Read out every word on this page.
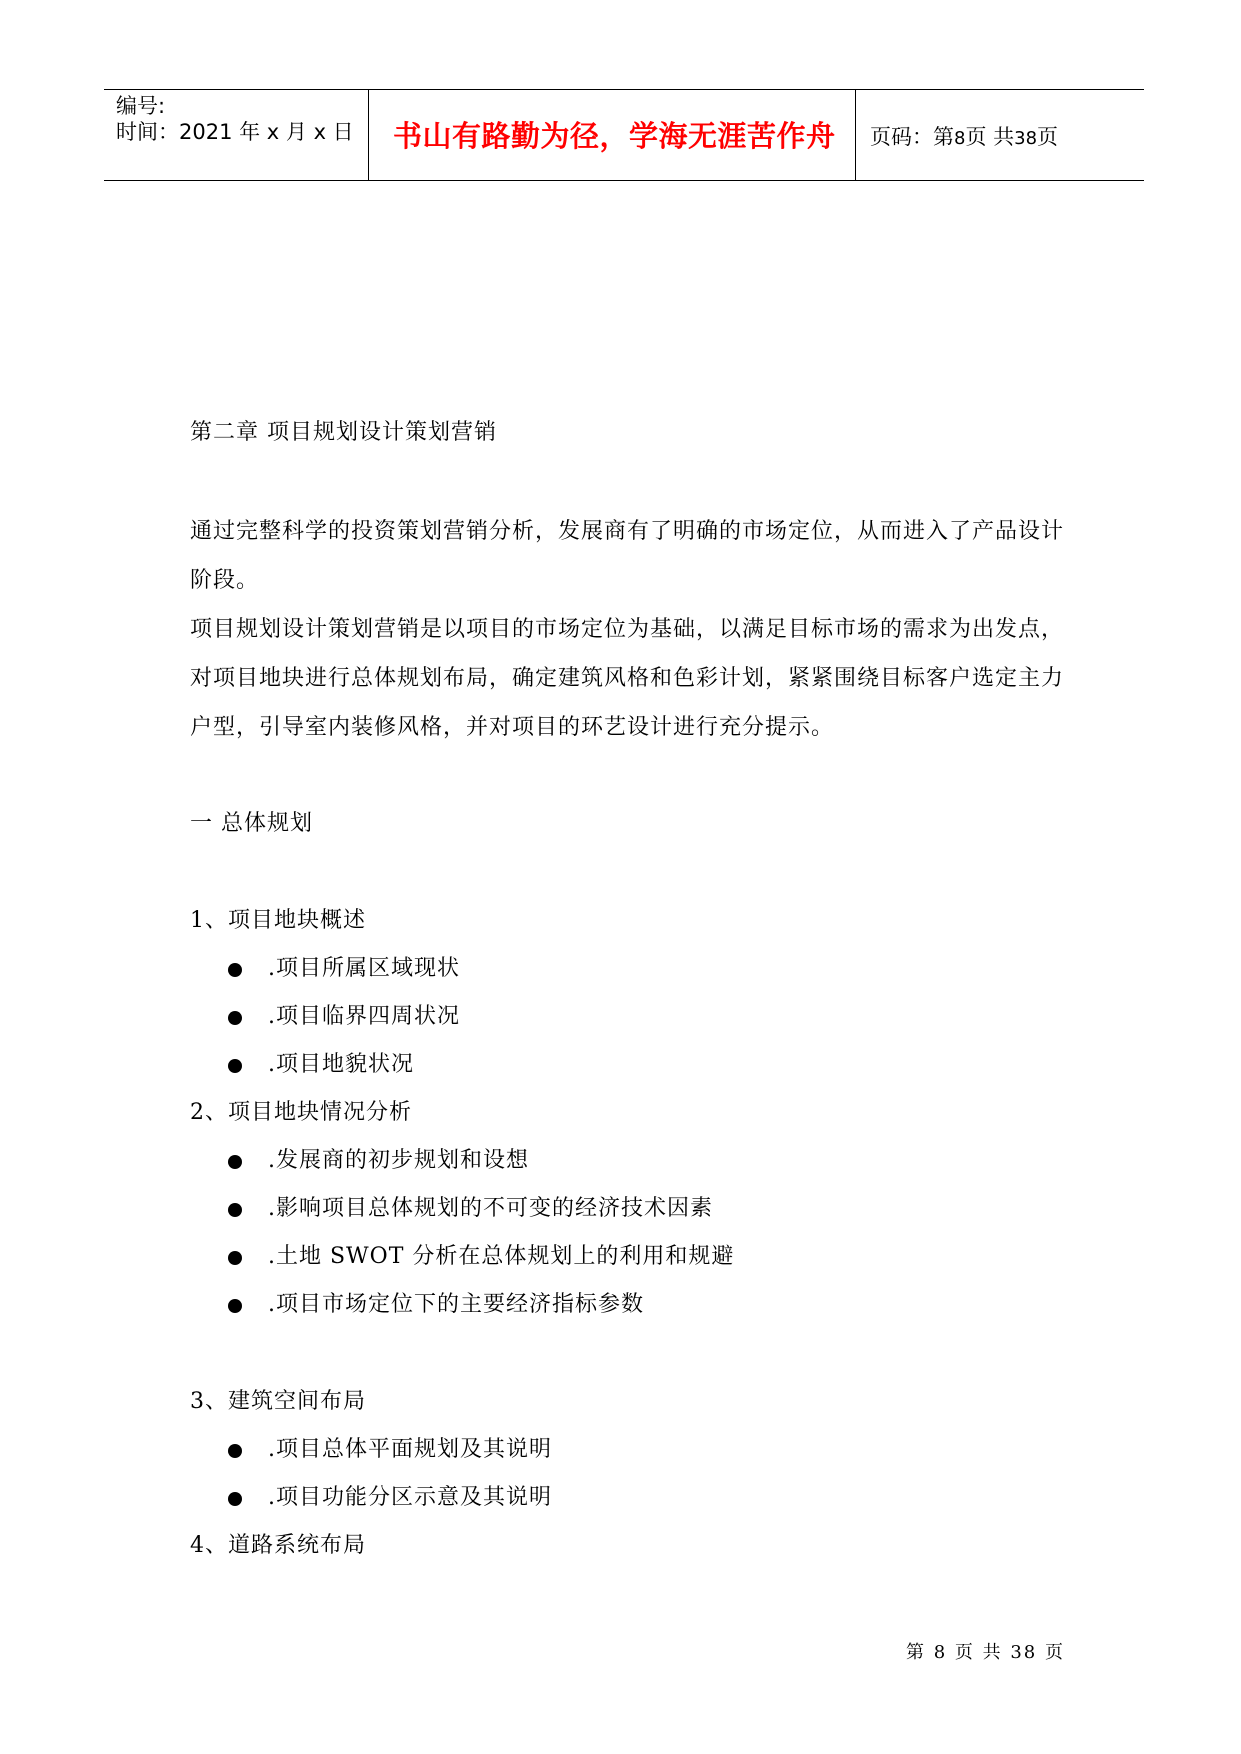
编号:
时间：2021 年 x 月 x 日 书山有路勤为径，学海无涯苦作舟 页码：第8页 共38页
第二章 项目规划设计策划营销
通过完整科学的投资策划营销分析，发展商有了明确的市场定位，从而进入了产品设计阶段。
项目规划设计策划营销是以项目的市场定位为基础，以满足目标市场的需求为出发点，对项目地块进行总体规划布局，确定建筑风格和色彩计划，紧紧围绕目标客户选定主力户型，引导室内装修风格，并对项目的环艺设计进行充分提示。
一 总体规划
1、项目地块概述
.项目所属区域现状
.项目临界四周状况
.项目地貌状况
2、项目地块情况分析
.发展商的初步规划和设想
.影响项目总体规划的不可变的经济技术因素
.土地 SWOT 分析在总体规划上的利用和规避
.项目市场定位下的主要经济指标参数
3、建筑空间布局
.项目总体平面规划及其说明
.项目功能分区示意及其说明
4、道路系统布局
第 8 页 共 38 页
